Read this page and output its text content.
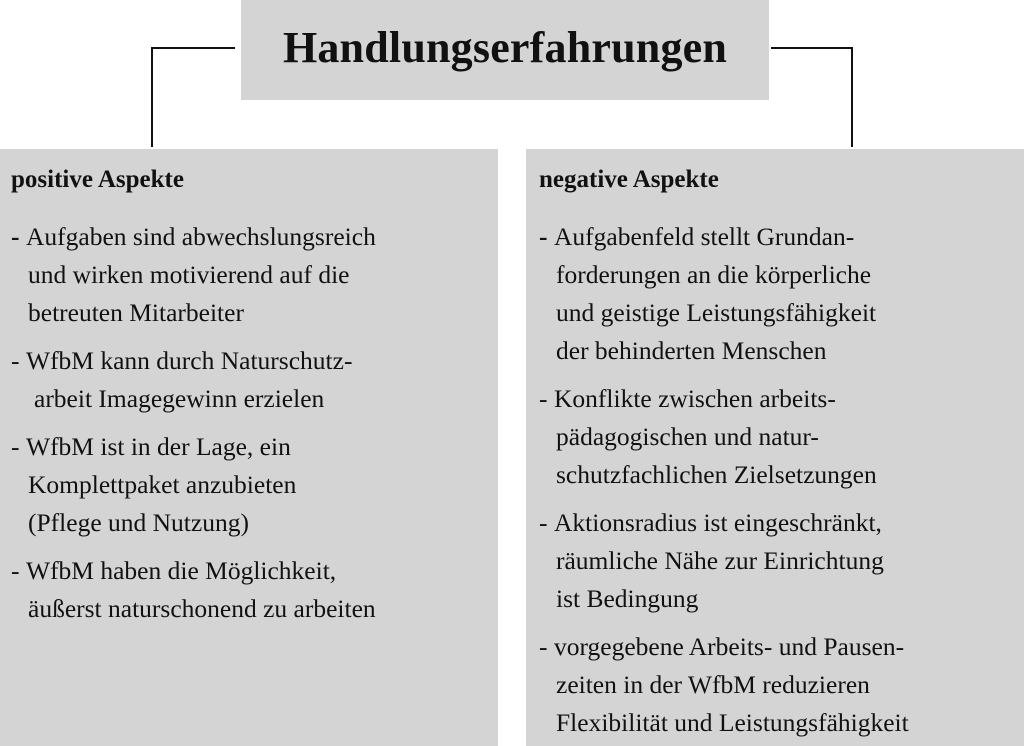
Handlungserfahrungen
positive Aspekte
- Aufgaben sind abwechslungsreich
und wirken motivierend auf die
betreuten Mitarbeiter
- WfbM kann durch Naturschutz-
arbeit Imagegewinn erzielen
- WfbM ist in der Lage, ein
Komplettpaket anzubieten
(Pflege und Nutzung)
- WfbM haben die Möglichkeit,
äußerst naturschonend zu arbeiten
negative Aspekte
- Aufgabenfeld stellt Grundan-
forderungen an die körperliche
und geistige Leistungsfähigkeit
der behinderten Menschen
- Konflikte zwischen arbeits-
pädagogischen und natur-
schutzfachlichen Zielsetzungen
- Aktionsradius ist eingeschränkt,
räumliche Nähe zur Einrichtung
ist Bedingung
- vorgegebene Arbeits- und Pausen-
zeiten in der WfbM reduzieren
Flexibilität und Leistungsfähigkeit
